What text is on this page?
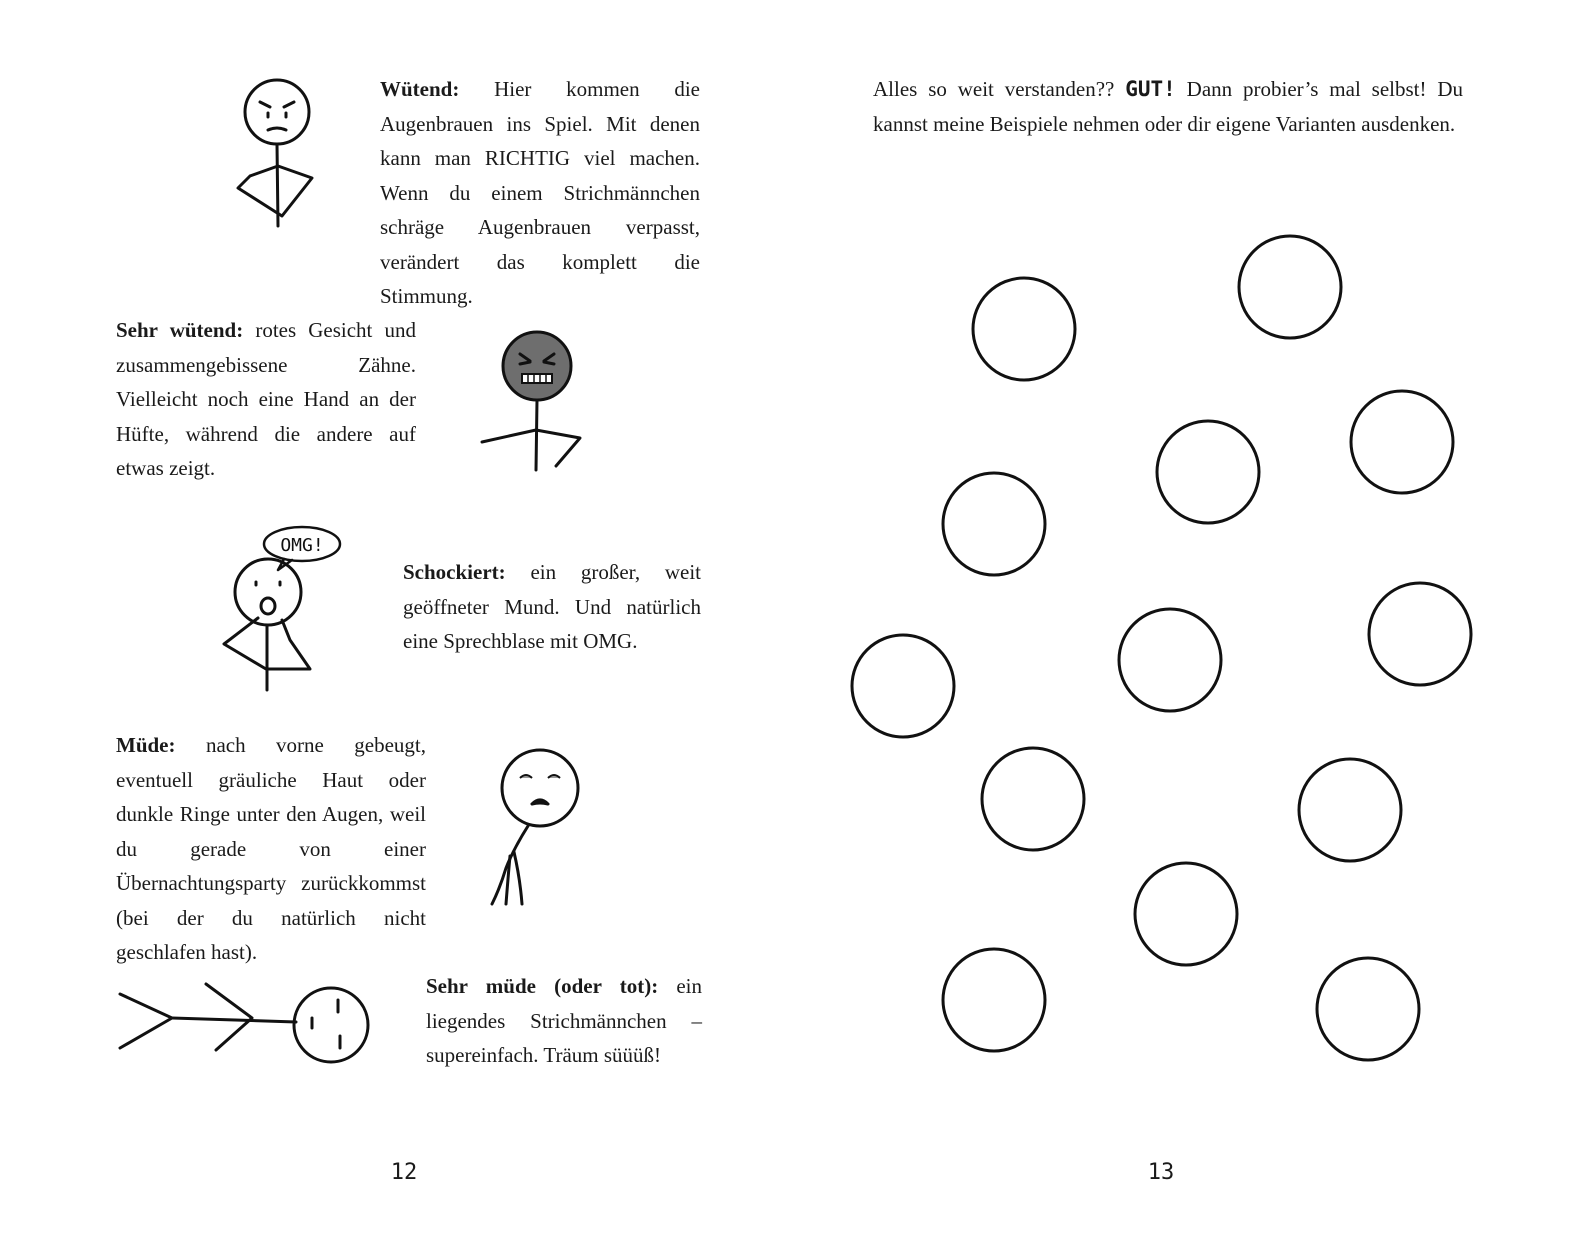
Wütend: Hier kommen die Augenbrauen ins Spiel. Mit denen kann man RICHTIG viel machen. Wenn du einem Strichmännchen schräge Augenbrauen verpasst, verändert das komplett die Stimmung.

Sehr wütend: rotes Gesicht und zusammengebissene Zähne. Vielleicht noch eine Hand an der Hüfte, während die andere auf etwas zeigt.

OMG!

Schockiert: ein großer, weit geöffneter Mund. Und natürlich eine Sprechblase mit OMG.

Müde: nach vorne gebeugt, eventuell gräuliche Haut oder dunkle Ringe unter den Augen, weil du gerade von einer Übernachtungsparty zurückkommst (bei der du natürlich nicht geschlafen hast).

Sehr müde (oder tot): ein liegendes Strichmännchen – supereinfach. Träum süüüß!

12

Alles so weit verstanden?? GUT! Dann probier’s mal selbst! Du kannst meine Beispiele nehmen oder dir eigene Varianten ausdenken.

13
